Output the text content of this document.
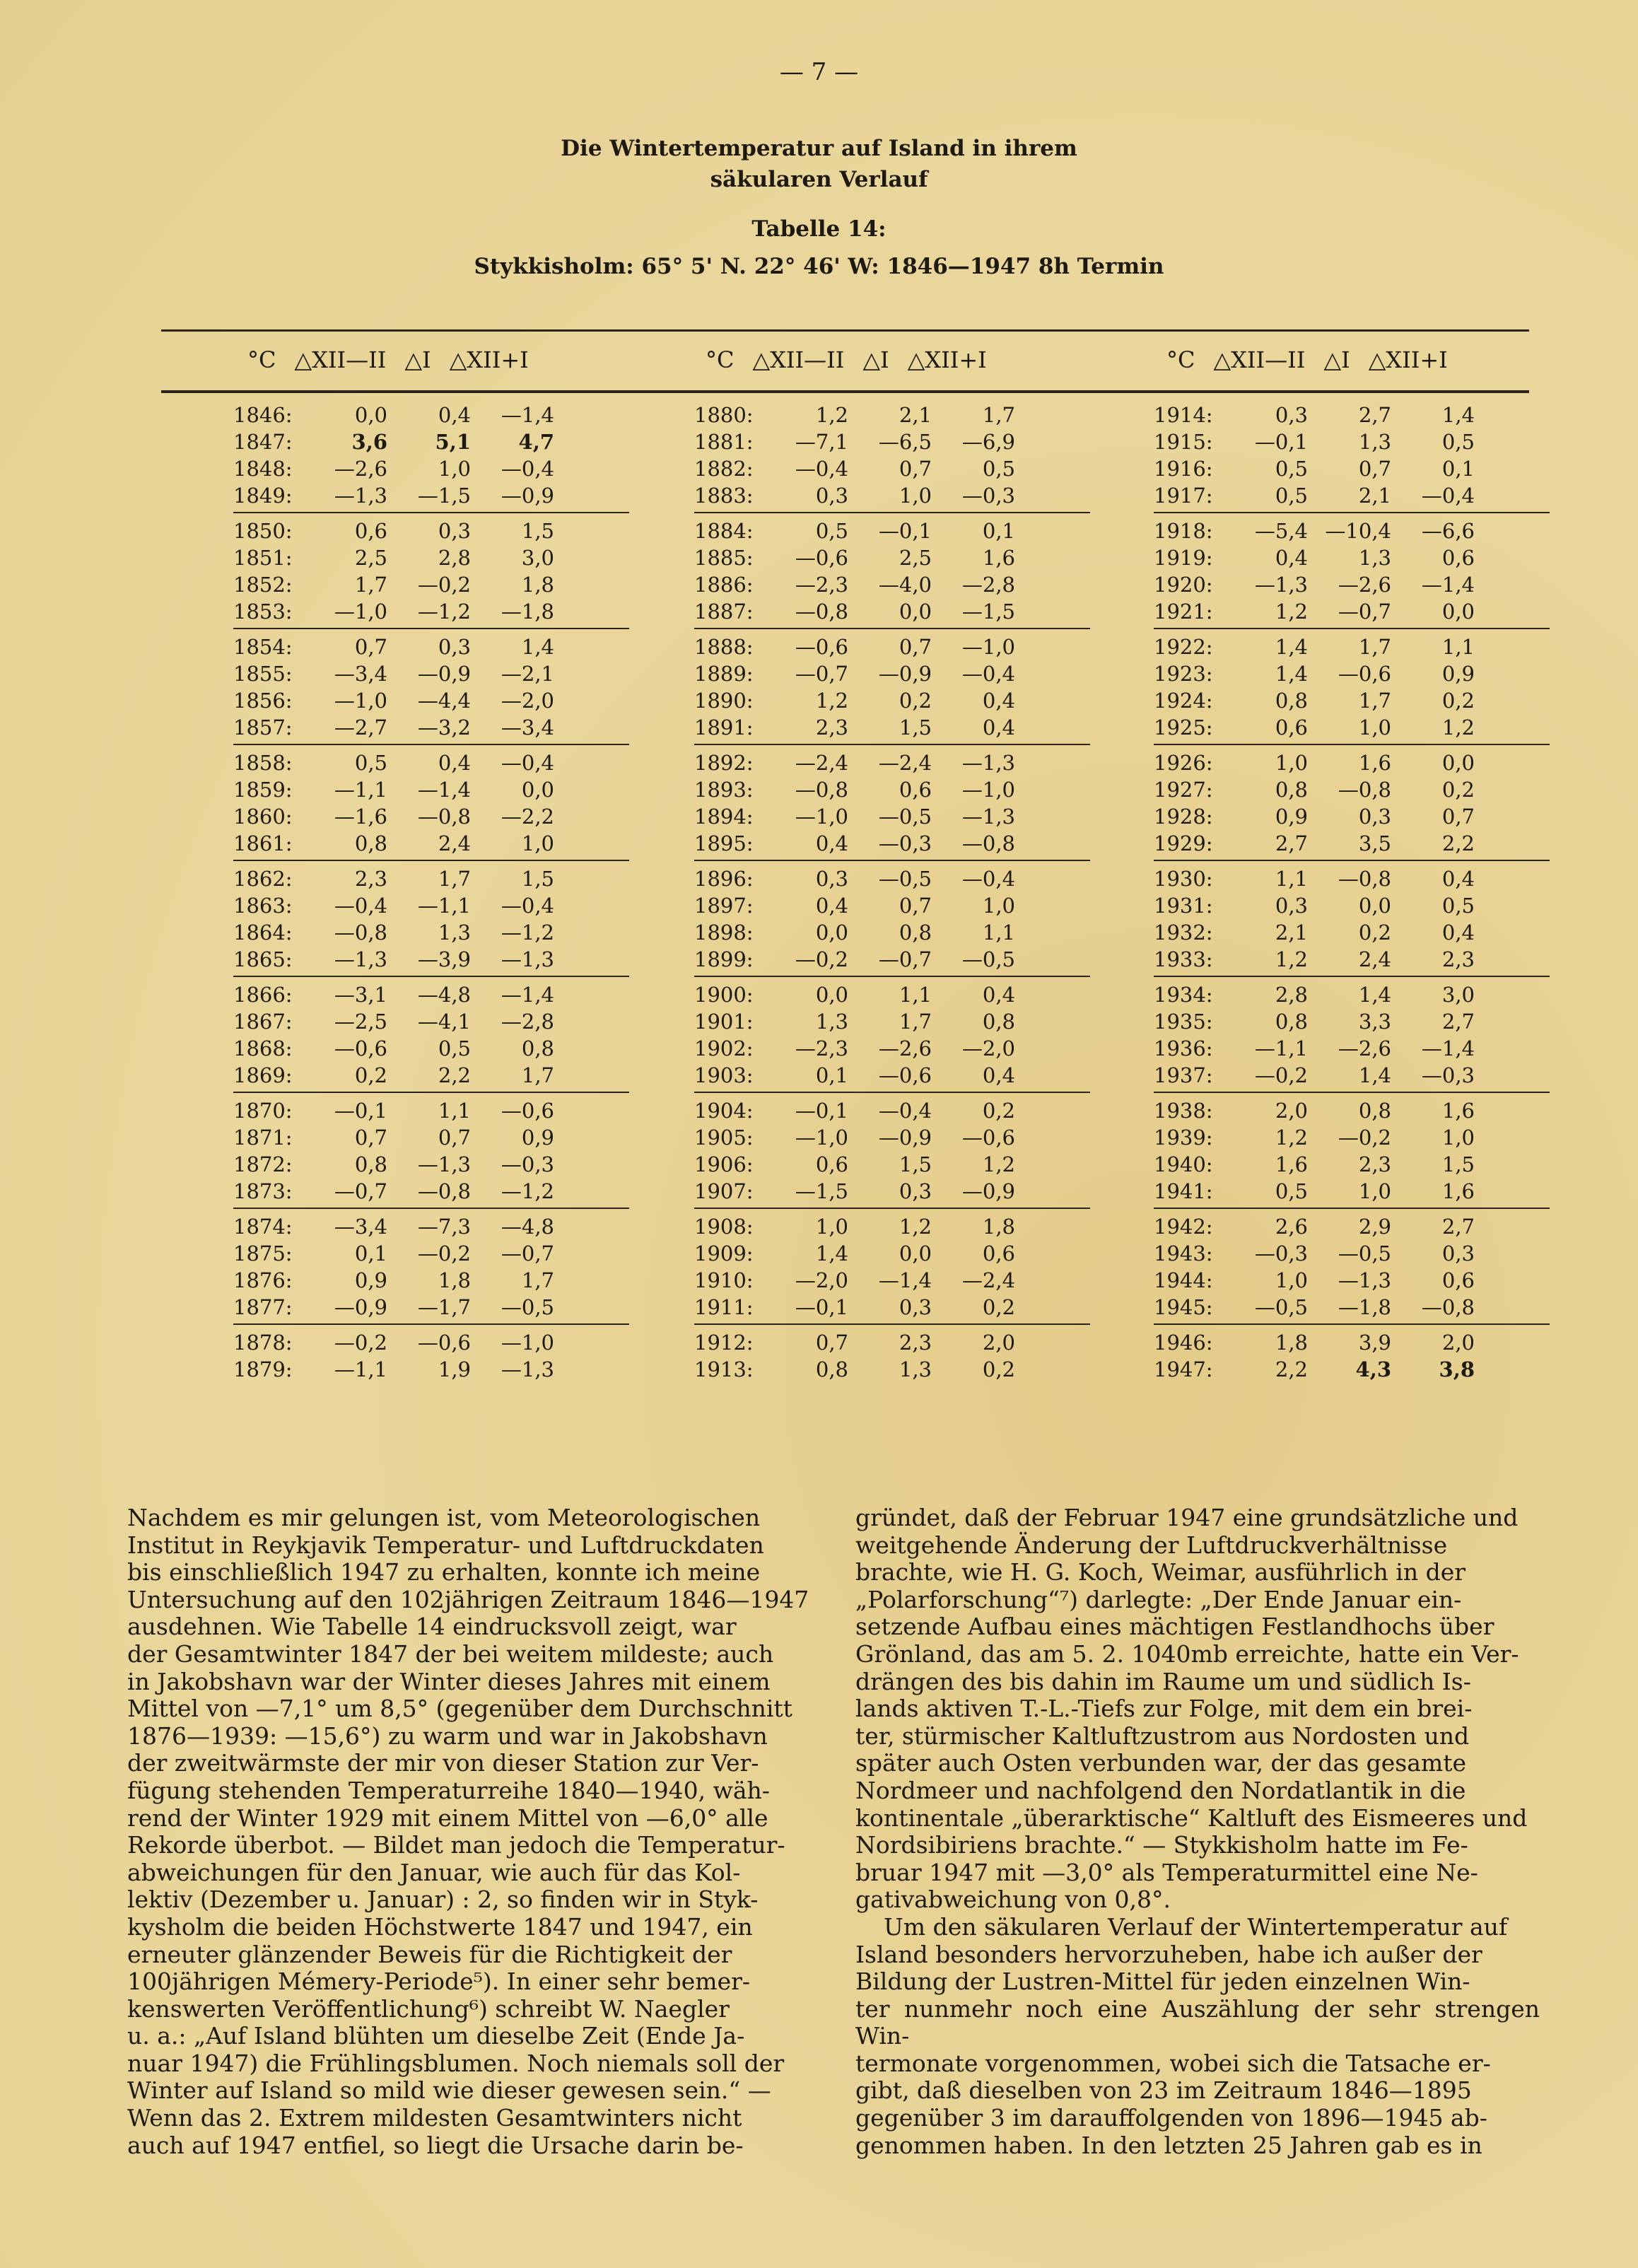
— 7 —
Die Wintertemperatur auf Island in ihrem
säkularen Verlauf
Tabelle 14:
Stykkisholm: 65° 5' N. 22° 46' W: 1846—1947 8h Termin
°C △XII—II △I △XII+I	°C △XII—II △I △XII+I	°C △XII—II △I △XII+I
1846:	0,0	0,4	—1,4
1847:	3,6	5,1	4,7
1848:	—2,6	1,0	—0,4
1849:	—1,3	—1,5	—0,9
1850:	0,6	0,3	1,5
1851:	2,5	2,8	3,0
1852:	1,7	—0,2	1,8
1853:	—1,0	—1,2	—1,8
1854:	0,7	0,3	1,4
1855:	—3,4	—0,9	—2,1
1856:	—1,0	—4,4	—2,0
1857:	—2,7	—3,2	—3,4
1858:	0,5	0,4	—0,4
1859:	—1,1	—1,4	0,0
1860:	—1,6	—0,8	—2,2
1861:	0,8	2,4	1,0
1862:	2,3	1,7	1,5
1863:	—0,4	—1,1	—0,4
1864:	—0,8	1,3	—1,2
1865:	—1,3	—3,9	—1,3
1866:	—3,1	—4,8	—1,4
1867:	—2,5	—4,1	—2,8
1868:	—0,6	0,5	0,8
1869:	0,2	2,2	1,7
1870:	—0,1	1,1	—0,6
1871:	0,7	0,7	0,9
1872:	0,8	—1,3	—0,3
1873:	—0,7	—0,8	—1,2
1874:	—3,4	—7,3	—4,8
1875:	0,1	—0,2	—0,7
1876:	0,9	1,8	1,7
1877:	—0,9	—1,7	—0,5
1878:	—0,2	—0,6	—1,0
1879:	—1,1	1,9	—1,3
1880:	1,2	2,1	1,7
1881:	—7,1	—6,5	—6,9
1882:	—0,4	0,7	0,5
1883:	0,3	1,0	—0,3
1884:	0,5	—0,1	0,1
1885:	—0,6	2,5	1,6
1886:	—2,3	—4,0	—2,8
1887:	—0,8	0,0	—1,5
1888:	—0,6	0,7	—1,0
1889:	—0,7	—0,9	—0,4
1890:	1,2	0,2	0,4
1891:	2,3	1,5	0,4
1892:	—2,4	—2,4	—1,3
1893:	—0,8	0,6	—1,0
1894:	—1,0	—0,5	—1,3
1895:	0,4	—0,3	—0,8
1896:	0,3	—0,5	—0,4
1897:	0,4	0,7	1,0
1898:	0,0	0,8	1,1
1899:	—0,2	—0,7	—0,5
1900:	0,0	1,1	0,4
1901:	1,3	1,7	0,8
1902:	—2,3	—2,6	—2,0
1903:	0,1	—0,6	0,4
1904:	—0,1	—0,4	0,2
1905:	—1,0	—0,9	—0,6
1906:	0,6	1,5	1,2
1907:	—1,5	0,3	—0,9
1908:	1,0	1,2	1,8
1909:	1,4	0,0	0,6
1910:	—2,0	—1,4	—2,4
1911:	—0,1	0,3	0,2
1912:	0,7	2,3	2,0
1913:	0,8	1,3	0,2
1914:	0,3	2,7	1,4
1915:	—0,1	1,3	0,5
1916:	0,5	0,7	0,1
1917:	0,5	2,1	—0,4
1918:	—5,4 —10,4	—6,6
1919:	0,4	1,3	0,6
1920:	—1,3	—2,6	—1,4
1921:	1,2	—0,7	0,0
1922:	1,4	1,7	1,1
1923:	1,4	—0,6	0,9
1924:	0,8	1,7	0,2
1925:	0,6	1,0	1,2
1926:	1,0	1,6	0,0
1927:	0,8	—0,8	0,2
1928:	0,9	0,3	0,7
1929:	2,7	3,5	2,2
1930:	1,1	—0,8	0,4
1931:	0,3	0,0	0,5
1932:	2,1	0,2	0,4
1933:	1,2	2,4	2,3
1934:	2,8	1,4	3,0
1935:	0,8	3,3	2,7
1936:	—1,1	—2,6	—1,4
1937:	—0,2	1,4	—0,3
1938:	2,0	0,8	1,6
1939:	1,2	—0,2	1,0
1940:	1,6	2,3	1,5
1941:	0,5	1,0	1,6
1942:	2,6	2,9	2,7
1943:	—0,3	—0,5	0,3
1944:	1,0	—1,3	0,6
1945:	—0,5	—1,8	—0,8
1946:	1,8	3,9	2,0
1947:	2,2	4,3	3,8

Nachdem es mir gelungen ist, vom Meteorologischen
Institut in Reykjavik Temperatur- und Luftdruckdaten
bis einschließlich 1947 zu erhalten, konnte ich meine
Untersuchung auf den 102jährigen Zeitraum 1846—1947
ausdehnen. Wie Tabelle 14 eindrucksvoll zeigt, war
der Gesamtwinter 1847 der bei weitem mildeste; auch
in Jakobshavn war der Winter dieses Jahres mit einem
Mittel von —7,1° um 8,5° (gegenüber dem Durchschnitt
1876—1939: —15,6°) zu warm und war in Jakobshavn
der zweitwärmste der mir von dieser Station zur Ver-
fügung stehenden Temperaturreihe 1840—1940, wäh-
rend der Winter 1929 mit einem Mittel von —6,0° alle
Rekorde überbot. — Bildet man jedoch die Temperatur-
abweichungen für den Januar, wie auch für das Kol-
lektiv (Dezember u. Januar) : 2, so finden wir in Styk-
kysholm die beiden Höchstwerte 1847 und 1947, ein
erneuter glänzender Beweis für die Richtigkeit der
100jährigen Mémery-Periode⁵). In einer sehr bemer-
kenswerten Veröffentlichung⁶) schreibt W. Naegler
u. a.: „Auf Island blühten um dieselbe Zeit (Ende Ja-
nuar 1947) die Frühlingsblumen. Noch niemals soll der
Winter auf Island so mild wie dieser gewesen sein.“ —
Wenn das 2. Extrem mildesten Gesamtwinters nicht
auch auf 1947 entfiel, so liegt die Ursache darin be-

gründet, daß der Februar 1947 eine grundsätzliche und
weitgehende Änderung der Luftdruckverhältnisse
brachte, wie H. G. Koch, Weimar, ausführlich in der
„Polarforschung“⁷) darlegte: „Der Ende Januar ein-
setzende Aufbau eines mächtigen Festlandhochs über
Grönland, das am 5. 2. 1040mb erreichte, hatte ein Ver-
drängen des bis dahin im Raume um und südlich Is-
lands aktiven T.-L.-Tiefs zur Folge, mit dem ein brei-
ter, stürmischer Kaltluftzustrom aus Nordosten und
später auch Osten verbunden war, der das gesamte
Nordmeer und nachfolgend den Nordatlantik in die
kontinentale „überarktische“ Kaltluft des Eismeeres und
Nordsibiriens brachte.“ — Stykkisholm hatte im Fe-
bruar 1947 mit —3,0° als Temperaturmittel eine Ne-
gativabweichung von 0,8°.

Um den säkularen Verlauf der Wintertemperatur auf
Island besonders hervorzuheben, habe ich außer der
Bildung der Lustren-Mittel für jeden einzelnen Win-
ter nunmehr noch eine Auszählung der sehr strengen Win-
termonate vorgenommen, wobei sich die Tatsache er-
gibt, daß dieselben von 23 im Zeitraum 1846—1895
gegenüber 3 im darauffolgenden von 1896—1945 ab-
genommen haben. In den letzten 25 Jahren gab es in
